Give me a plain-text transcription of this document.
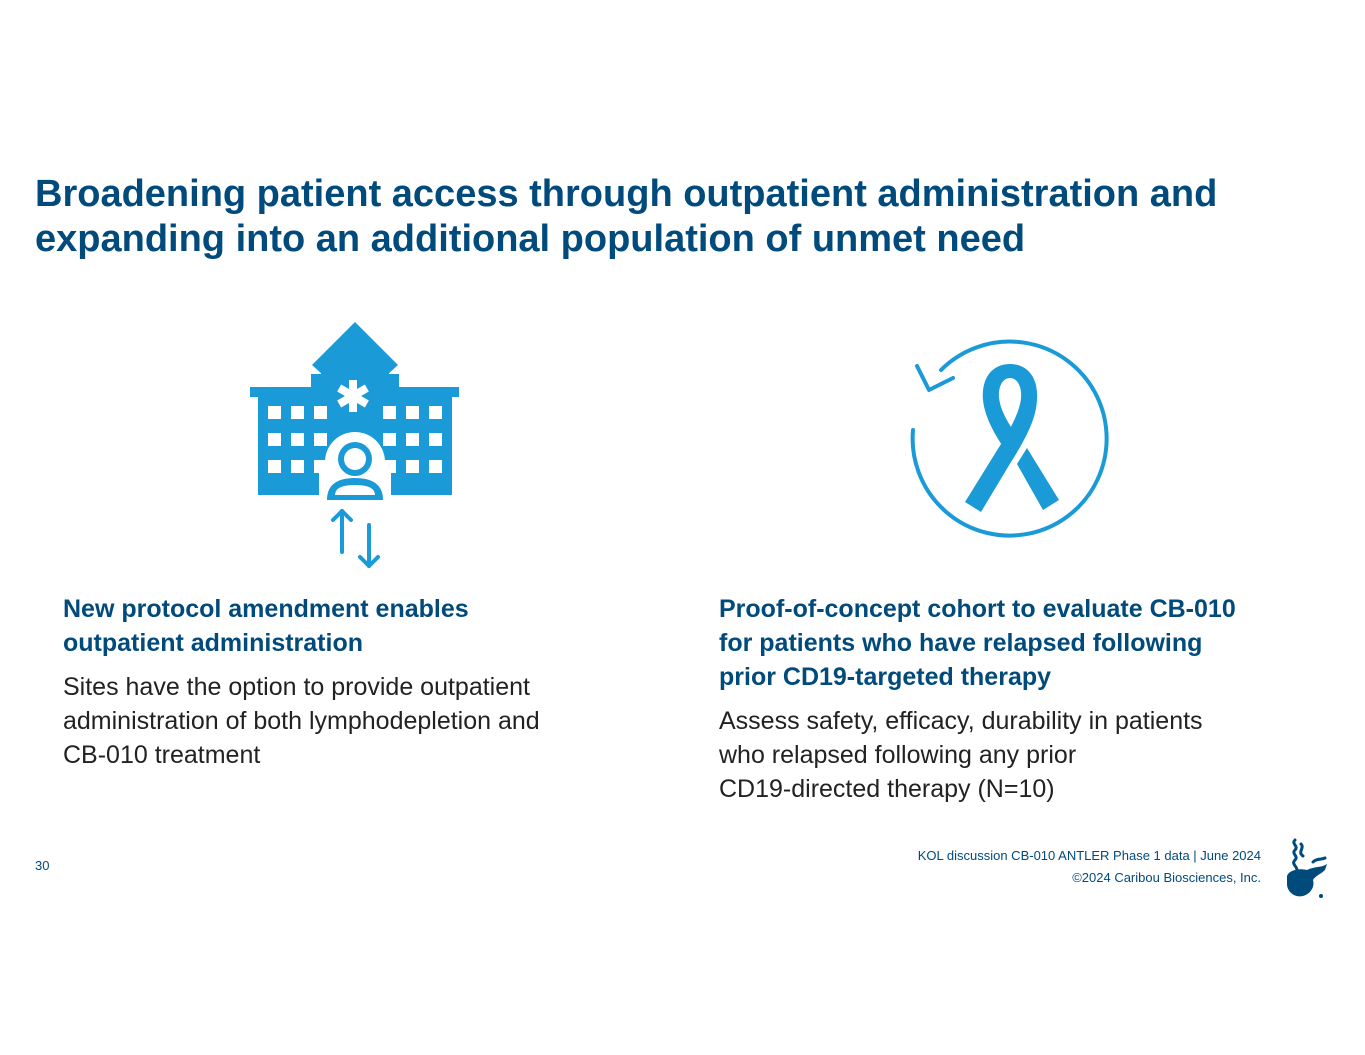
Broadening patient access through outpatient administration and
expanding into an additional population of unmet need
New protocol amendment enables
outpatient administration

Sites have the option to provide outpatient
administration of both lymphodepletion and
CB-010 treatment

Proof-of-concept cohort to evaluate CB-010
for patients who have relapsed following
prior CD19-targeted therapy

Assess safety, efficacy, durability in patients
who relapsed following any prior
CD19-directed therapy (N=10)

30
KOL discussion CB-010 ANTLER Phase 1 data | June 2024
©2024 Caribou Biosciences, Inc.
